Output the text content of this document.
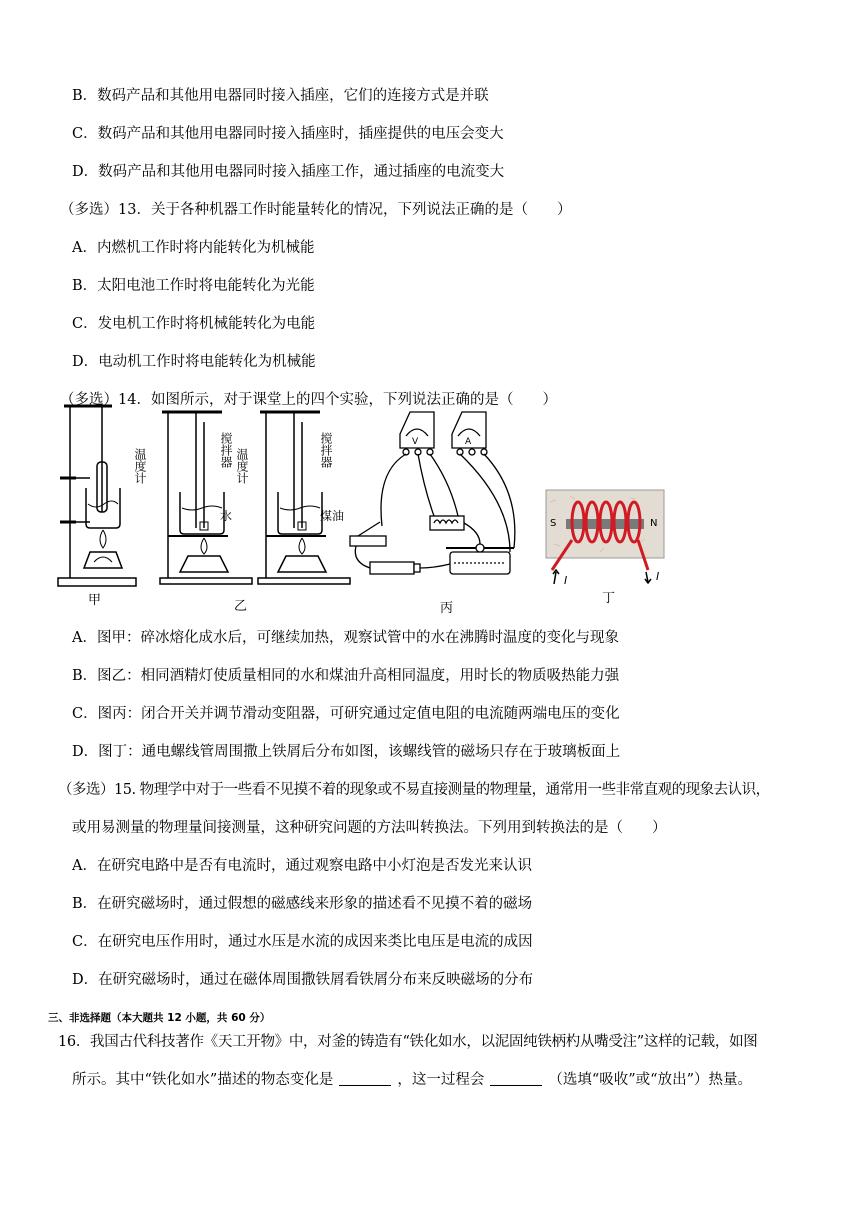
B．数码产品和其他用电器同时接入插座，它们的连接方式是并联
C．数码产品和其他用电器同时接入插座时，插座提供的电压会变大
D．数码产品和其他用电器同时接入插座工作，通过插座的电流变大
（多选）13．关于各种机器工作时能量转化的情况，下列说法正确的是（　　）
A．内燃机工作时将内能转化为机械能
B．太阳电池工作时将电能转化为光能
C．发电机工作时将机械能转化为电能
D．电动机工作时将电能转化为机械能
（多选）14．如图所示，对于课堂上的四个实验，下列说法正确的是（　　）
温度计	搅拌器
水
温度计	搅拌器
煤油
V	A
S	N
I	I
甲	乙	丙
丁
A．图甲：碎冰熔化成水后，可继续加热，观察试管中的水在沸腾时温度的变化与现象
B．图乙：相同酒精灯使质量相同的水和煤油升高相同温度，用时长的物质吸热能力强
C．图丙：闭合开关并调节滑动变阻器，可研究通过定值电阻的电流随两端电压的变化
D．图丁：通电螺线管周围撒上铁屑后分布如图，该螺线管的磁场只存在于玻璃板面上
（多选）15. 物理学中对于一些看不见摸不着的现象或不易直接测量的物理量，通常用一些非常直观的现象去认识，
或用易测量的物理量间接测量，这种研究问题的方法叫转换法。下列用到转换法的是（　　）
A．在研究电路中是否有电流时，通过观察电路中小灯泡是否发光来认识
B．在研究磁场时，通过假想的磁感线来形象的描述看不见摸不着的磁场
C．在研究电压作用时，通过水压是水流的成因来类比电压是电流的成因
D．在研究磁场时，通过在磁体周围撒铁屑看铁屑分布来反映磁场的分布
三、非选择题（本大题共 12 小题，共 60 分）
16．我国古代科技著作《天工开物》中，对釜的铸造有“铁化如水，以泥固纯铁柄杓从嘴受注”这样的记载，如图
所示。其中“铁化如水”描述的物态变化是	，这一过程会	（选填“吸收”或“放出”）热量。
